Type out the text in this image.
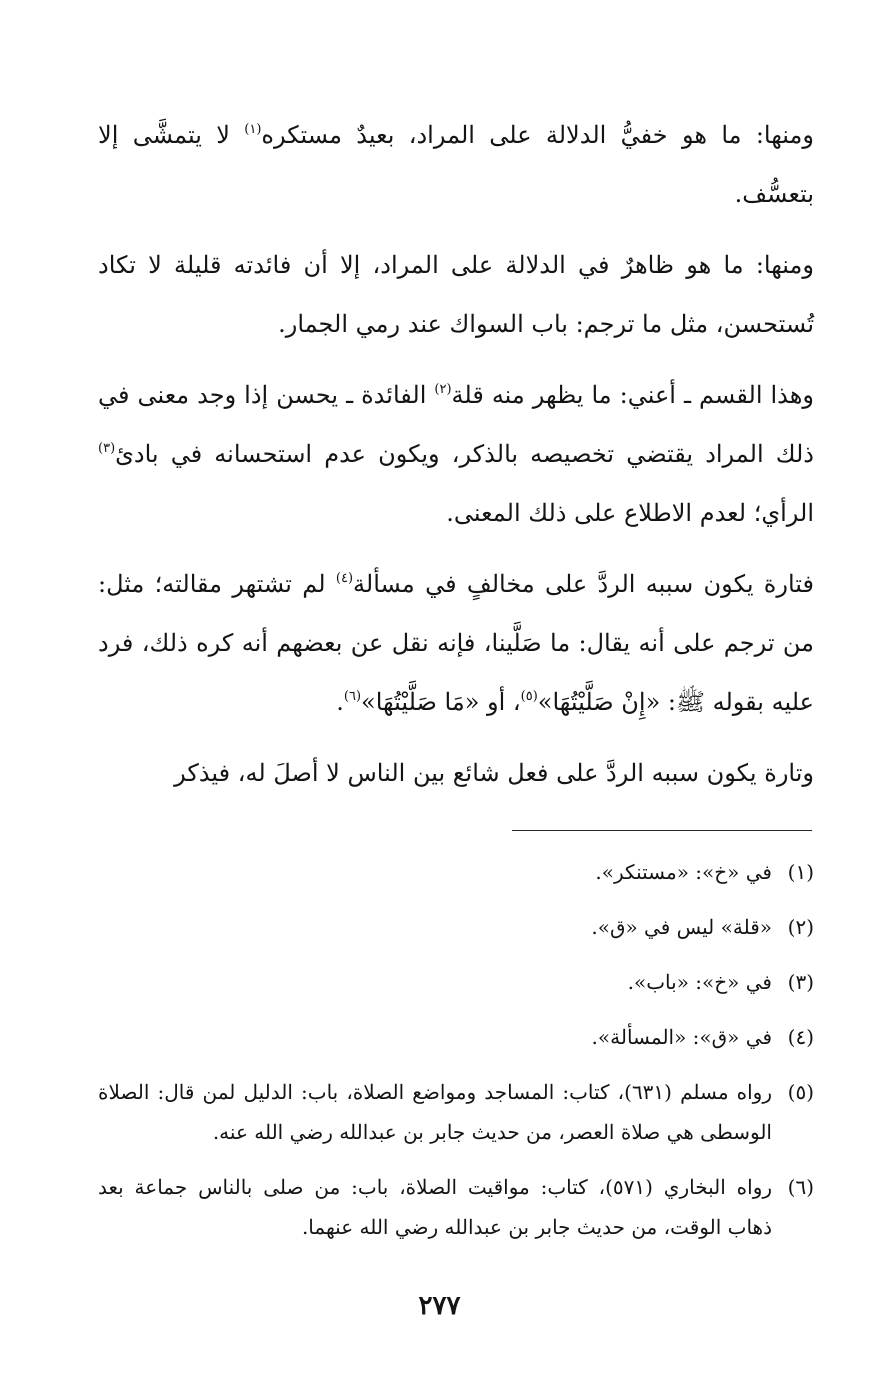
ومنها: ما هو خفيُّ الدلالة على المراد، بعيدٌ مستكره$^{(١)}$ لا يتمشَّى إلا بتعسُّف.

ومنها: ما هو ظاهرٌ في الدلالة على المراد، إلا أن فائدته قليلة لا تكاد تُستحسن، مثل ما ترجم: باب السواك عند رمي الجمار.

وهذا القسم ـ أعني: ما يظهر منه قلة$^{(٢)}$ الفائدة ـ يحسن إذا وجد معنى في ذلك المراد يقتضي تخصيصه بالذكر، ويكون عدم استحسانه في بادئ$^{(٣)}$ الرأي؛ لعدم الاطلاع على ذلك المعنى.

فتارة يكون سببه الردَّ على مخالفٍ في مسألة$^{(٤)}$ لم تشتهر مقالته؛ مثل: من ترجم على أنه يقال: ما صَلَّينا، فإنه نقل عن بعضهم أنه كره ذلك، فرد عليه بقوله ﷺ: «إِنْ صَلَّيْتُهَا»$^{(٥)}$، أو «مَا صَلَّيْتُهَا»$^{(٦)}$.

وتارة يكون سببه الردَّ على فعل شائع بين الناس لا أصلَ له، فيذكر

(١)
في «خ»: «مستنكر».
(٢)
«قلة» ليس في «ق».
(٣)
في «خ»: «باب».
(٤)
في «ق»: «المسألة».
(٥)
رواه مسلم (٦٣١)، كتاب: المساجد ومواضع الصلاة، باب: الدليل لمن قال: الصلاة الوسطى هي صلاة العصر، من حديث جابر بن عبدالله رضي الله عنه.
(٦)
رواه البخاري (٥٧١)، كتاب: مواقيت الصلاة، باب: من صلى بالناس جماعة بعد ذهاب الوقت، من حديث جابر بن عبدالله رضي الله عنهما.
٢٧٧
